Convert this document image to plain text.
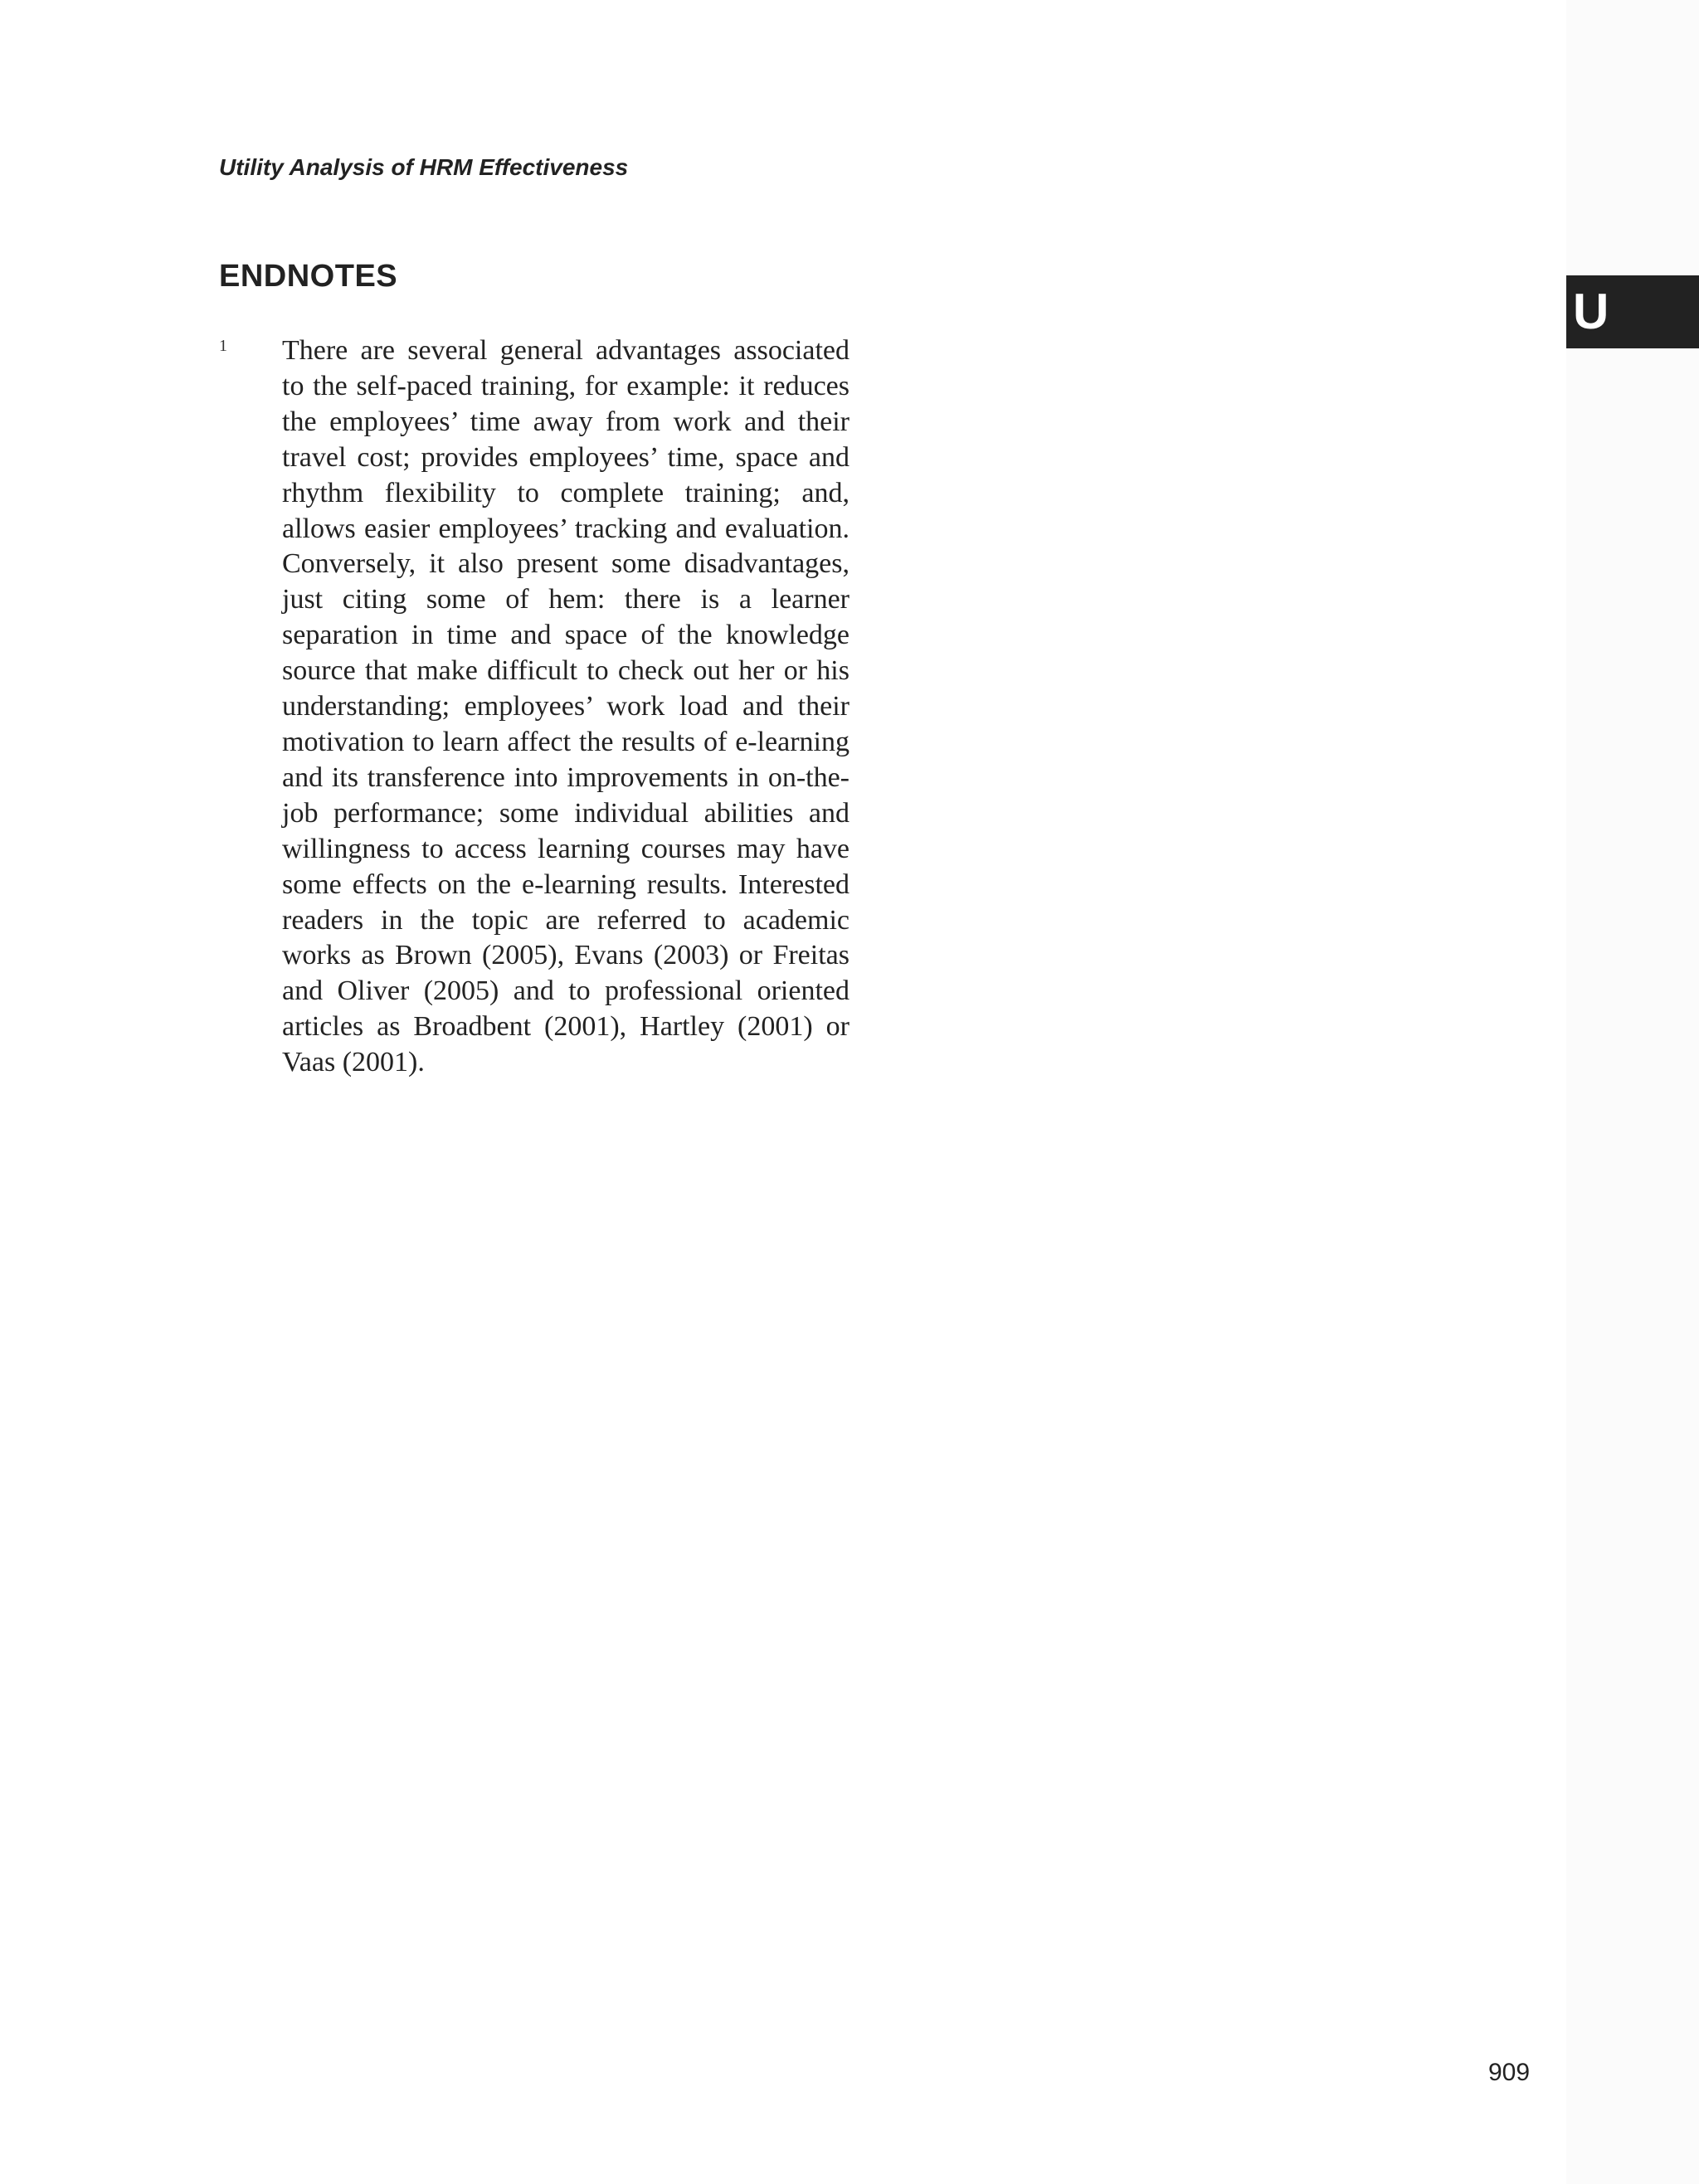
Utility Analysis of HRM Effectiveness
ENDNOTES
U
1 There are several general advantages associated to the self-paced training, for example: it reduces the employees’ time away from work and their travel cost; provides employees’ time, space and rhythm flexibility to complete training; and, allows easier employees’ tracking and evaluation. Conversely, it also present some disadvantages, just citing some of hem: there is a learner separation in time and space of the knowledge source that make difficult to check out her or his understanding; employees’ work load and their motivation to learn affect the results of e-learning and its transference into improvements in on-the-job performance; some individual abilities and willingness to access learning courses may have some effects on the e-learning results. Interested readers in the topic are referred to academic works as Brown (2005), Evans (2003) or Freitas and Oliver (2005) and to professional oriented articles as Broadbent (2001), Hartley (2001) or Vaas (2001).

909
